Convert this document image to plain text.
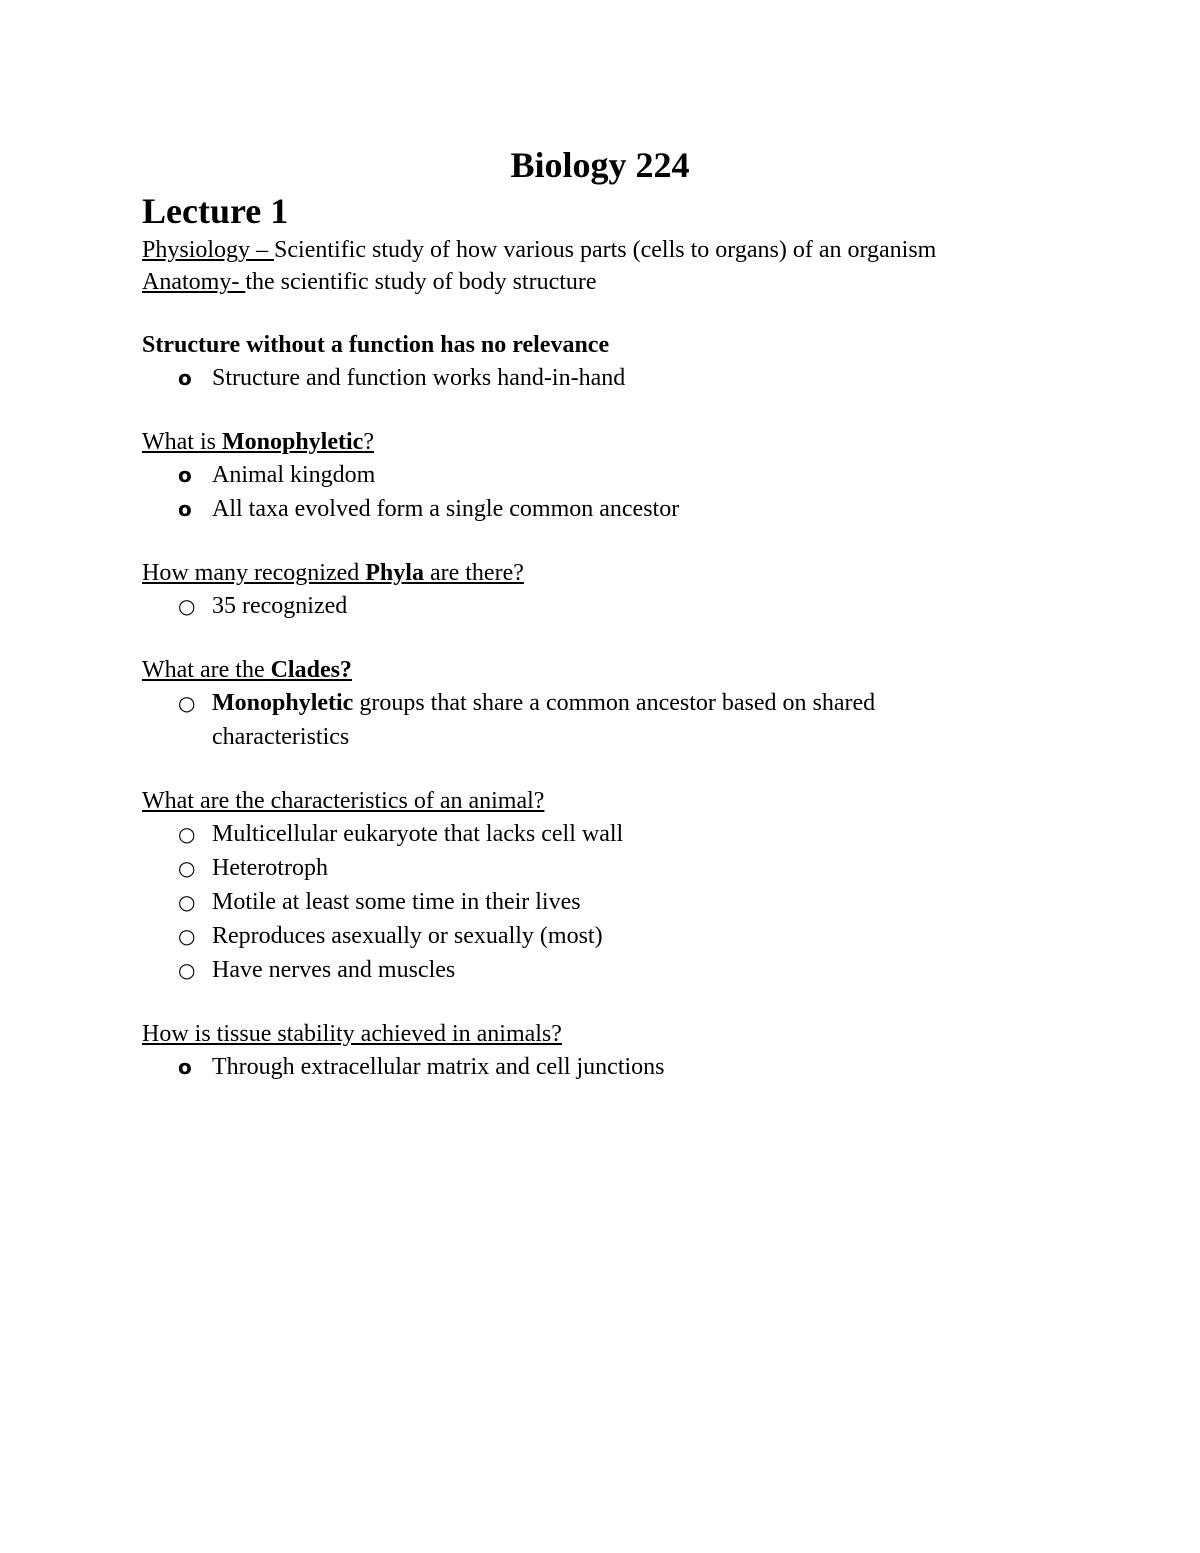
Biology 224

Lecture 1

Physiology – Scientific study of how various parts (cells to organs) of an organism

Anatomy- the scientific study of body structure

Structure without a function has no relevance

o Structure and function works hand-in-hand

What is Monophyletic?

o Animal kingdom
o All taxa evolved form a single common ancestor

How many recognized Phyla are there?

○ 35 recognized

What are the Clades?

○ Monophyletic groups that share a common ancestor based on shared characteristics

What are the characteristics of an animal?

○ Multicellular eukaryote that lacks cell wall
○ Heterotroph
○ Motile at least some time in their lives
○ Reproduces asexually or sexually (most)
○ Have nerves and muscles

How is tissue stability achieved in animals?

o Through extracellular matrix and cell junctions
